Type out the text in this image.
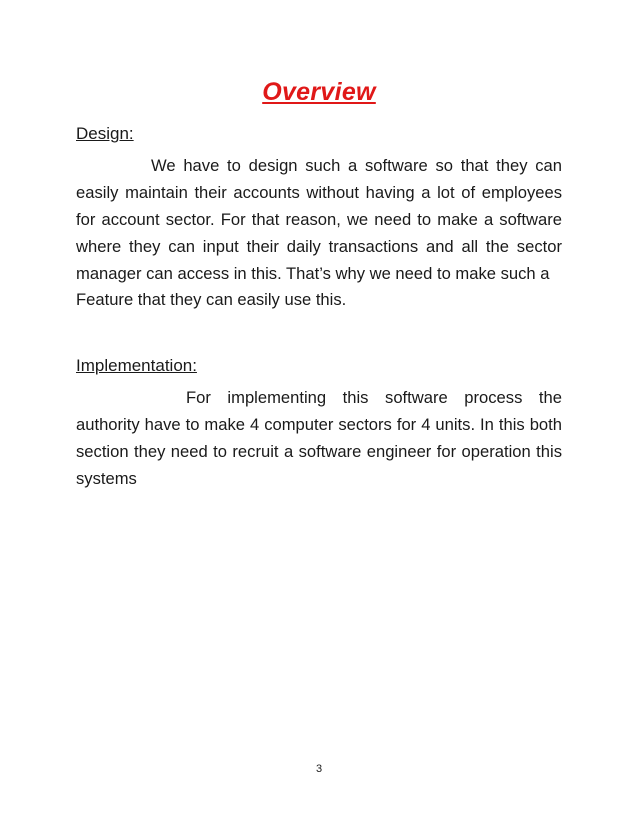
Overview
Design:
We have to design such a software so that they can easily maintain their accounts without having a lot of employees for account sector. For that reason, we need to make a software where they can input their daily transactions and all the sector manager can access in this. That’s why we need to make such a
Feature that they can easily use this.
Implementation:
For implementing this software process the authority have to make 4 computer sectors for 4 units. In this both section they need to recruit a software engineer for operation this systems
3
